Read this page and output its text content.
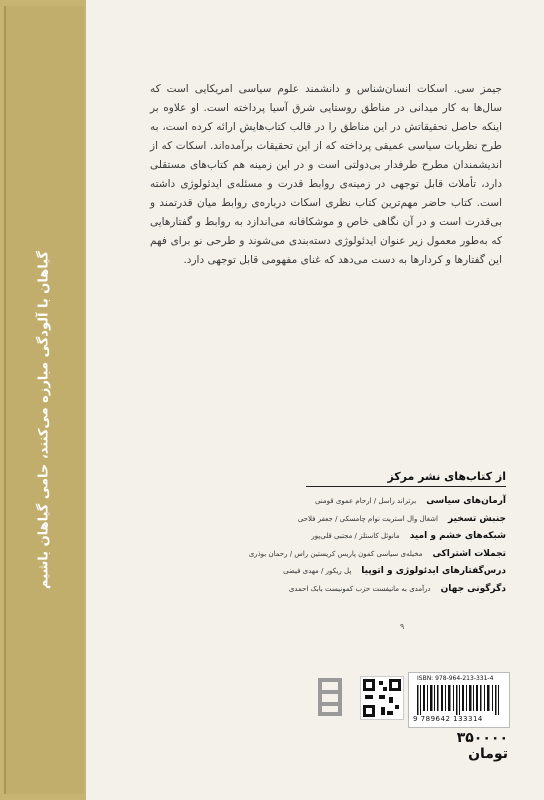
گیاهان با آلودگی مبارزه می‌کنند، حامی گیاهان باشیم
جیمز سی. اسکات انسان‌شناس و دانشمند علوم سیاسی امریکایی است که سال‌ها به کار میدانی در مناطق روستایی شرق آسیا پرداخته است. او علاوه بر اینکه حاصل تحقیقاتش در این مناطق را در قالب کتاب‌هایش ارائه کرده است، به طرح نظریات سیاسی عمیقی پرداخته که از این تحقیقات برآمده‌اند. اسکات که از اندیشمندان مطرح طرفدار بی‌دولتی است و در این زمینه هم کتاب‌های مستقلی دارد، تأملات قابل توجهی در زمینه‌ی روابط قدرت و مسئله‌ی ایدئولوژی داشته است. کتاب حاضر مهم‌ترین کتاب نظری اسکات درباره‌ی روابط میان قدرتمند و بی‌قدرت است و در آن نگاهی خاص و موشکافانه می‌اندازد به روابط و گفتارهایی که به‌طور معمول زیر عنوان ایدئولوژی دسته‌بندی می‌شوند و طرحی نو برای فهم این گفتارها و کردارها به دست می‌دهد که غنای مفهومی قابل توجهی دارد.
از کتاب‌های نشر مرکز
آرمان‌های سیاسی
برتراند راسل / ارحام عموی قومنی
جنبش تسخیر
اشغال وال استریت نوام چامسکی / جعفر فلاحی
شبکه‌های خشم و امید
مانوئل کاستلز / مجتبی قلی‌پور
تجملات اشتراکی
مخیله‌ی سیاسی کمون پاریس کریستین راس / رحمان بوذری
درس‌گفتارهای ایدئولوژی و اتوپیا
پل ریکور / مهدی فیضی
دگرگونی جهان
درآمدی به مانیفست حزب کمونیست بابک احمدی
۹
ISBN: 978-964-213-331-4
9 789642 133314
۳۵۰۰۰۰ تومان
